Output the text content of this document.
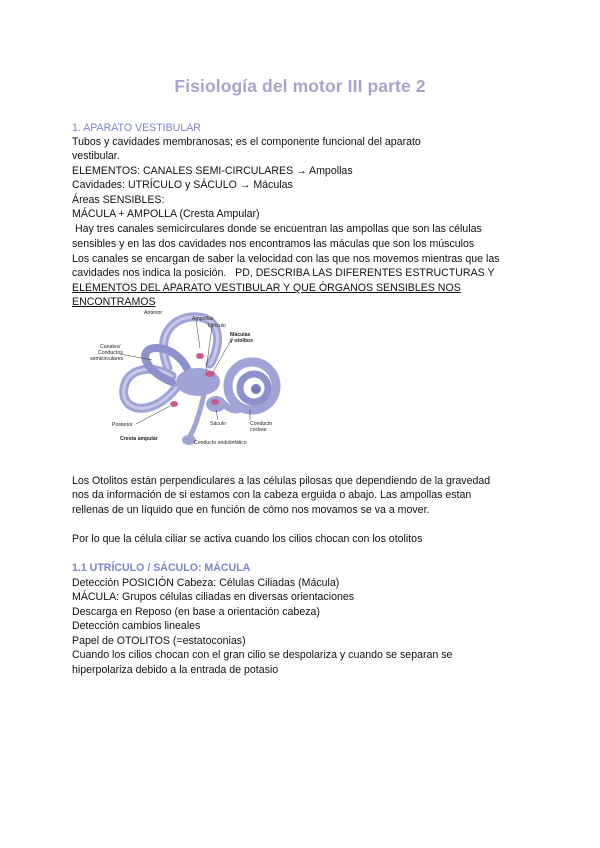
Fisiología del motor III parte 2
1. APARATO VESTIBULAR
Tubos y cavidades membranosas; es el componente funcional del aparato
vestibular.
ELEMENTOS: CANALES SEMI-CIRCULARES → Ampollas
Cavidades: UTRÍCULO y SÁCULO → Máculas
Áreas SENSIBLES:
MÁCULA + AMPOLLA (Cresta Ampular)
Hay tres canales semicirculares donde se encuentran las ampollas que son las células
sensibles y en las dos cavidades nos encontramos las máculas que son los músculos
Los canales se encargan de saber la velocidad con las que nos movemos mientras que las
cavidades nos indica la posición.   PD, DESCRIBA LAS DIFERENTES ESTRUCTURAS Y
ELEMENTOS DEL APARATO VESTIBULAR Y QUE ÓRGANOS SENSIBLES NOS
ENCONTRAMOS
Anterior
Ampollas
Utrículo
Máculas
y otolitos
Canales/
Conductos
semicirculares
Posterior
Cresta ampular
Sáculo
Conducto endolinfático
Conducto
coclear
Los Otolitos están perpendiculares a las células pilosas que dependiendo de la gravedad
nos da información de si estamos con la cabeza erguida o abajo. Las ampollas estan
rellenas de un líquido que en función de cómo nos movamos se va a mover.
Por lo que la célula ciliar se activa cuando los cilios chocan con los otolitos
1.1 UTRÍCULO / SÁCULO: MÁCULA
Detección POSICIÓN Cabeza: Células Ciliadas (Mácula)
MÁCULA: Grupos células ciliadas en diversas orientaciones
Descarga en Reposo (en base a orientación cabeza)
Detección cambios lineales
Papel de OTOLITOS (=estatoconias)
Cuando los cilios chocan con el gran cilio se despolariza y cuando se separan se
hiperpolariza debido a la entrada de potasio
